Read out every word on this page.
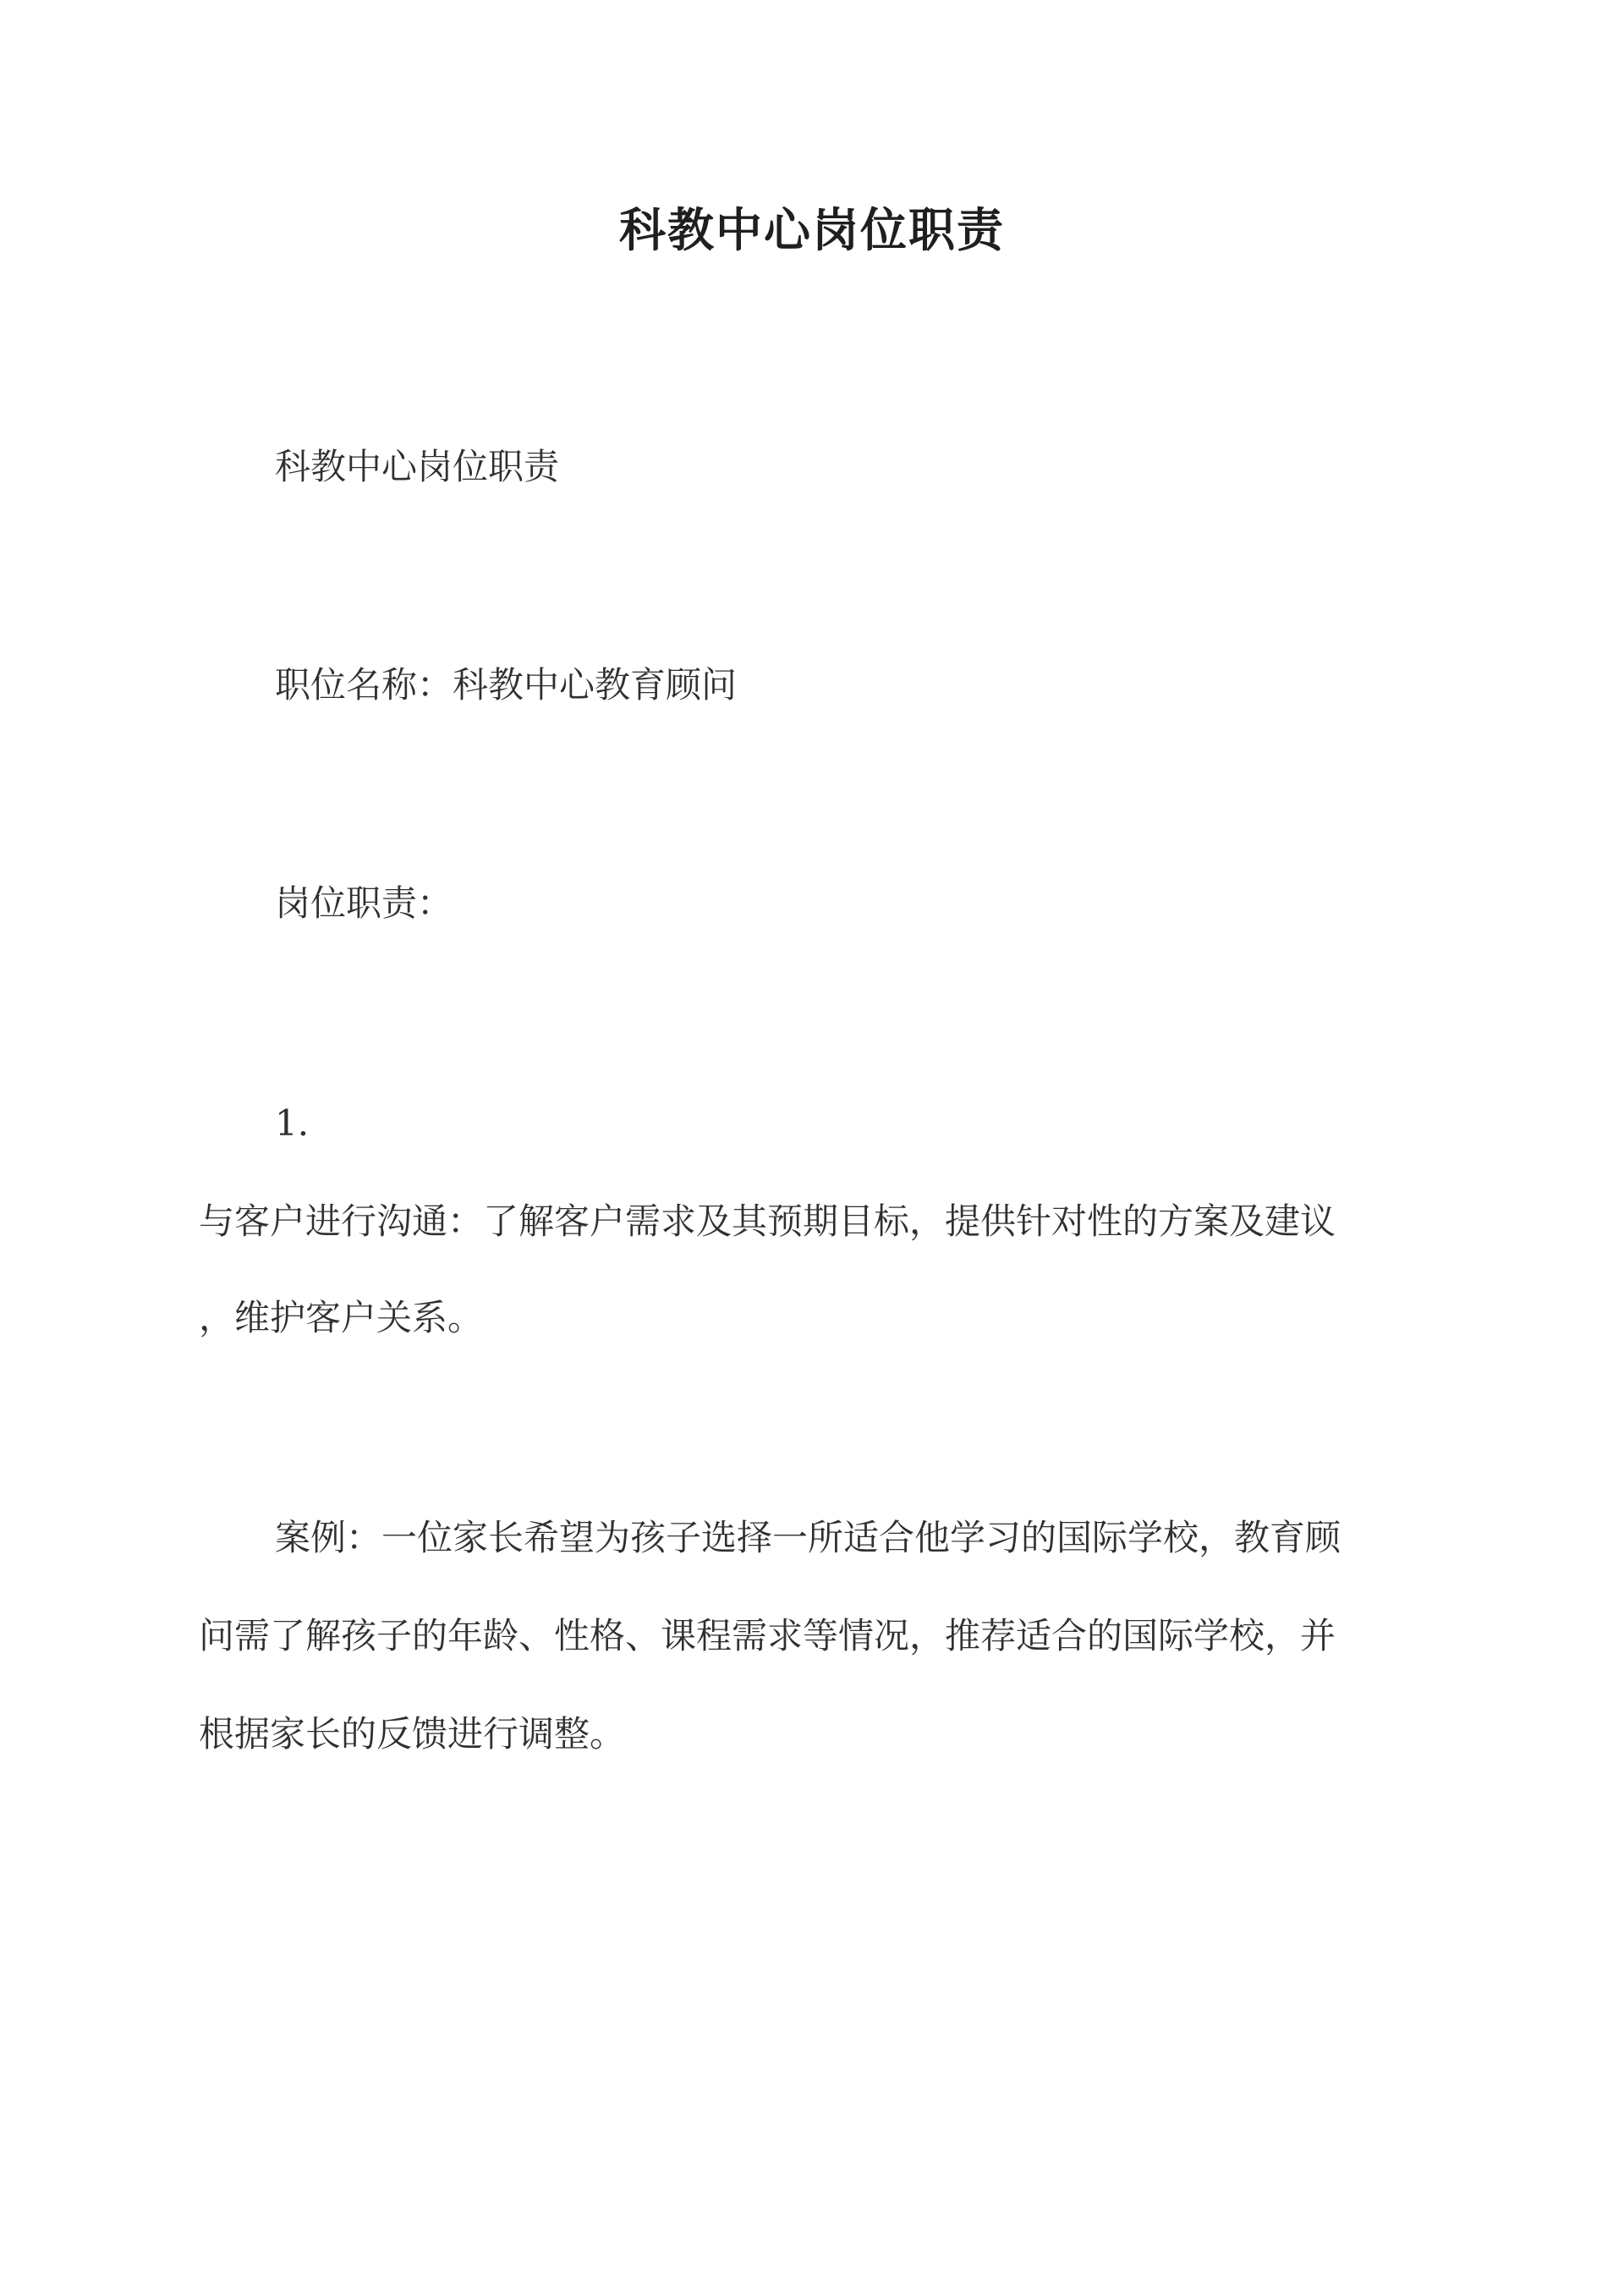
科教中心岗位职责
科教中心岗位职责
职位名称：科教中心教育顾问
岗位职责：
1.
与客户进行沟通：了解客户需求及其预期目标，提供针对性的方案及建议
，维护客户关系。
案例：一位家长希望为孩子选择一所适合他学习的国际学校，教育顾
问需了解孩子的年龄、性格、课程需求等情况，推荐适合的国际学校，并
根据家长的反馈进行调整。
